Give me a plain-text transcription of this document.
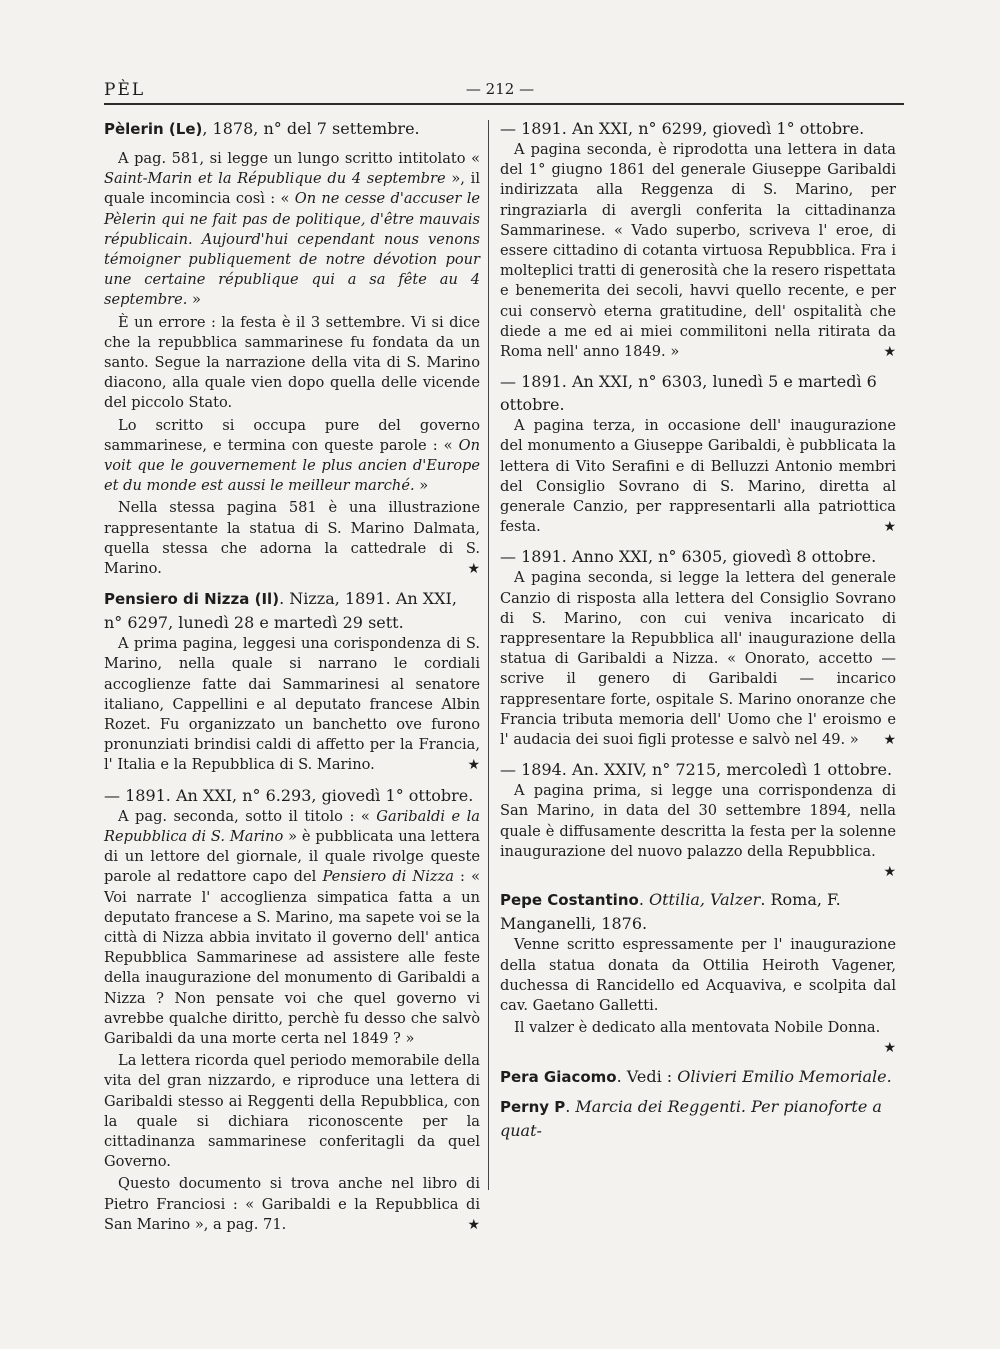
PÈL	— 212 —
Pèlerin (Le), 1878, n° del 7 settembre.

A pag. 581, si legge un lungo scritto intitolato « Saint-Marin et la République du 4 septembre », il quale incomincia così : « On ne cesse d'accuser le Pèlerin qui ne fait pas de politique, d'être mauvais républicain. Aujourd'hui cependant nous venons témoigner publiquement de notre dévotion pour une certaine république qui a sa fête au 4 septembre. »

È un errore : la festa è il 3 settembre. Vi si dice che la repubblica sammarinese fu fondata da un santo. Segue la narrazione della vita di S. Marino diacono, alla quale vien dopo quella delle vicende del piccolo Stato.

Lo scritto si occupa pure del governo sammarinese, e termina con queste parole : « On voit que le gouvernement le plus ancien d'Europe et du monde est aussi le meilleur marché. »

Nella stessa pagina 581 è una illustrazione rappresentante la statua di S. Marino Dalmata, quella stessa che adorna la cattedrale di S. Marino.	★

Pensiero di Nizza (Il). Nizza, 1891. An XXI, n° 6297, lunedì 28 e martedì 29 sett.

A prima pagina, leggesi una corispondenza di S. Marino, nella quale si narrano le cordiali accoglienze fatte dai Sammarinesi al senatore italiano, Cappellini e al deputato francese Albin Rozet. Fu organizzato un banchetto ove furono pronunziati brindisi caldi di affetto per la Francia, l' Italia e la Repubblica di S. Marino.	★

— 1891. An XXI, n° 6.293, giovedì 1° ottobre.

A pag. seconda, sotto il titolo : « Garibaldi e la Repubblica di S. Marino » è pubblicata una lettera di un lettore del giornale, il quale rivolge queste parole al redattore capo del Pensiero di Nizza : « Voi narrate l' accoglienza simpatica fatta a un deputato francese a S. Marino, ma sapete voi se la città di Nizza abbia invitato il governo dell' antica Repubblica Sammarinese ad assistere alle feste della inaugurazione del monumento di Garibaldi a Nizza ? Non pensate voi che quel governo vi avrebbe qualche diritto, perchè fu desso che salvò Garibaldi da una morte certa nel 1849 ? »

La lettera ricorda quel periodo memorabile della vita del gran nizzardo, e riproduce una lettera di Garibaldi stesso ai Reggenti della Repubblica, con la quale si dichiara riconoscente per la cittadinanza sammarinese conferitagli da quel Governo.

Questo documento si trova anche nel libro di Pietro Franciosi : « Garibaldi e la Repubblica di San Marino », a pag. 71.	★

— 1891. An XXI, n° 6299, giovedì 1° ottobre.

A pagina seconda, è riprodotta una lettera in data del 1° giugno 1861 del generale Giuseppe Garibaldi indirizzata alla Reggenza di S. Marino, per ringraziarla di avergli conferita la cittadinanza Sammarinese. « Vado superbo, scriveva l' eroe, di essere cittadino di cotanta virtuosa Repubblica. Fra i molteplici tratti di generosità che la resero rispettata e benemerita dei secoli, havvi quello recente, e per cui conservò eterna gratitudine, dell' ospitalità che diede a me ed ai miei commilitoni nella ritirata da Roma nell' anno 1849. »	★

— 1891. An XXI, n° 6303, lunedì 5 e martedì 6 ottobre.

A pagina terza, in occasione dell' inaugurazione del monumento a Giuseppe Garibaldi, è pubblicata la lettera di Vito Serafini e di Belluzzi Antonio membri del Consiglio Sovrano di S. Marino, diretta al generale Canzio, per rappresentarli alla patriottica festa.	★

— 1891. Anno XXI, n° 6305, giovedì 8 ottobre.

A pagina seconda, si legge la lettera del generale Canzio di risposta alla lettera del Consiglio Sovrano di S. Marino, con cui veniva incaricato di rappresentare la Repubblica all' inaugurazione della statua di Garibaldi a Nizza. « Onorato, accetto — scrive il genero di Garibaldi — incarico rappresentare forte, ospitale S. Marino onoranze che Francia tributa memoria dell' Uomo che l' eroismo e l' audacia dei suoi figli protesse e salvò nel 49. »	★

— 1894. An. XXIV, n° 7215, mercoledì 1 ottobre.

A pagina prima, si legge una corrispondenza di San Marino, in data del 30 settembre 1894, nella quale è diffusamente descritta la festa per la solenne inaugurazione del nuovo palazzo della Repubblica.
★

Pepe Costantino. Ottilia, Valzer. Roma, F. Manganelli, 1876.

Venne scritto espressamente per l' inaugurazione della statua donata da Ottilia Heiroth Vagener, duchessa di Rancidello ed Acquaviva, e scolpita dal cav. Gaetano Galletti.

Il valzer è dedicato alla mentovata Nobile Donna.
★

Pera Giacomo. Vedi : Olivieri Emilio Memoriale.
Perny P. Marcia dei Reggenti. Per pianoforte a quat-
